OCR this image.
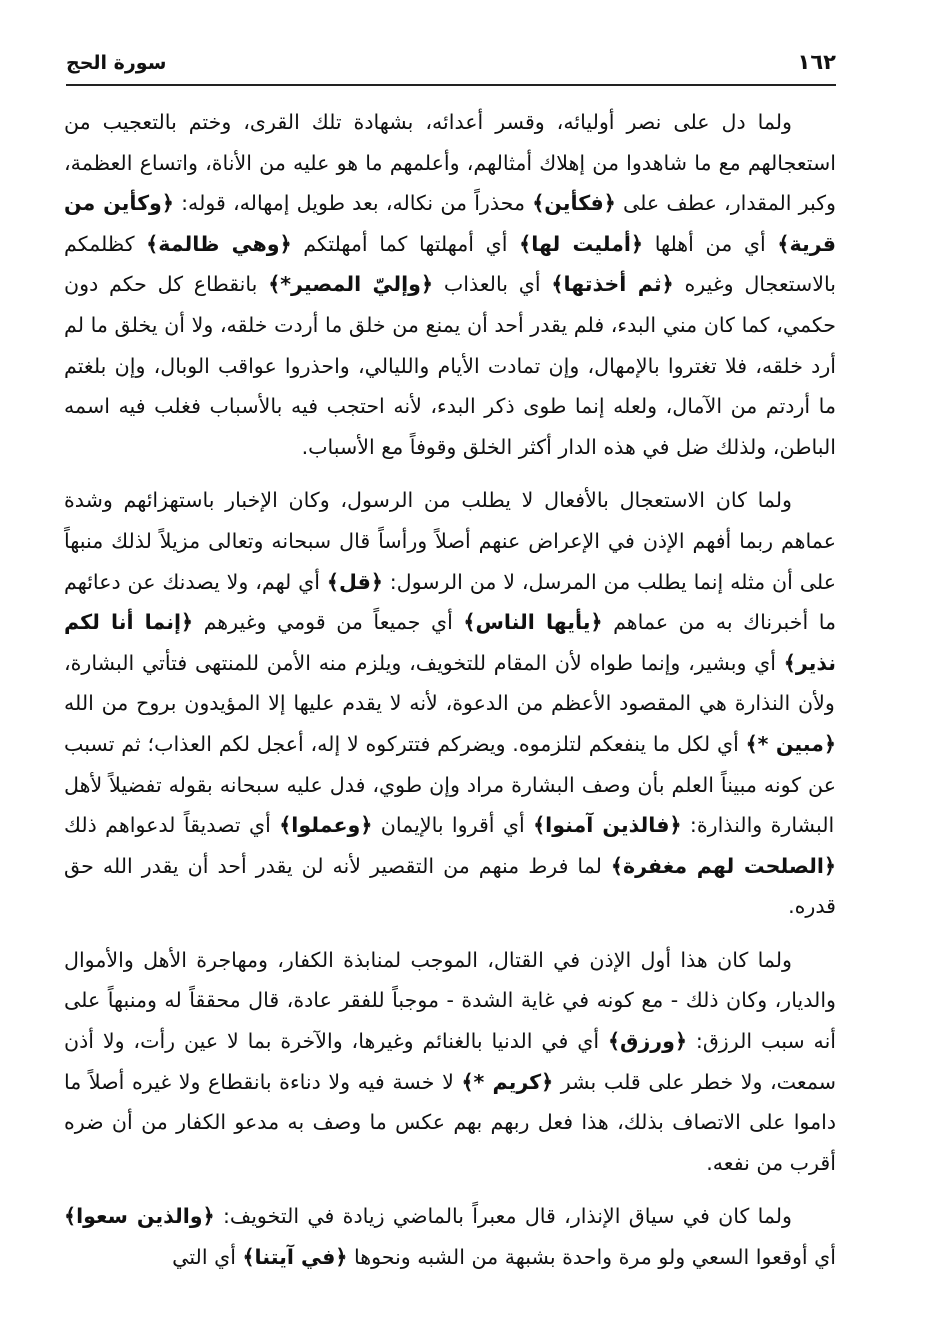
سورة الحج	١٦٢

ولما دل على نصر أوليائه، وقسر أعدائه، بشهادة تلك القرى، وختم بالتعجيب من استعجالهم مع ما شاهدوا من إهلاك أمثالهم، وأعلمهم ما هو عليه من الأناة، واتساع العظمة، وكبر المقدار، عطف على ﴿فكأين﴾ محذراً من نكاله، بعد طويل إمهاله، قوله: ﴿وكأين من قرية﴾ أي من أهلها ﴿أمليت لها﴾ أي أمهلتها كما أمهلتكم ﴿وهي ظالمة﴾ كظلمكم بالاستعجال وغيره ﴿ثم أخذتها﴾ أي بالعذاب ﴿وإليّ المصير*﴾ بانقطاع كل حكم دون حكمي، كما كان مني البدء، فلم يقدر أحد أن يمنع من خلق ما أردت خلقه، ولا أن يخلق ما لم أرد خلقه، فلا تغتروا بالإمهال، وإن تمادت الأيام والليالي، واحذروا عواقب الوبال، وإن بلغتم ما أردتم من الآمال، ولعله إنما طوى ذكر البدء، لأنه احتجب فيه بالأسباب فغلب فيه اسمه الباطن، ولذلك ضل في هذه الدار أكثر الخلق وقوفاً مع الأسباب.

ولما كان الاستعجال بالأفعال لا يطلب من الرسول، وكان الإخبار باستهزائهم وشدة عماهم ربما أفهم الإذن في الإعراض عنهم أصلاً ورأساً قال سبحانه وتعالى مزيلاً لذلك منبهاً على أن مثله إنما يطلب من المرسل، لا من الرسول: ﴿قل﴾ أي لهم، ولا يصدنك عن دعائهم ما أخبرناك به من عماهم ﴿يأيها الناس﴾ أي جميعاً من قومي وغيرهم ﴿إنما أنا لكم نذير﴾ أي وبشير، وإنما طواه لأن المقام للتخويف، ويلزم منه الأمن للمنتهى فتأتي البشارة، ولأن النذارة هي المقصود الأعظم من الدعوة، لأنه لا يقدم عليها إلا المؤيدون بروح من الله ﴿مبين *﴾ أي لكل ما ينفعكم لتلزموه. ويضركم فتتركوه لا إله، أعجل لكم العذاب؛ ثم تسبب عن كونه مبيناً العلم بأن وصف البشارة مراد وإن طوي، فدل عليه سبحانه بقوله تفضيلاً لأهل البشارة والنذارة: ﴿فالذين آمنوا﴾ أي أقروا بالإيمان ﴿وعملوا﴾ أي تصديقاً لدعواهم ذلك ﴿الصلحت لهم مغفرة﴾ لما فرط منهم من التقصير لأنه لن يقدر أحد أن يقدر الله حق قدره.

ولما كان هذا أول الإذن في القتال، الموجب لمنابذة الكفار، ومهاجرة الأهل والأموال والديار، وكان ذلك - مع كونه في غاية الشدة - موجباً للفقر عادة، قال محققاً له ومنبهاً على أنه سبب الرزق: ﴿ورزق﴾ أي في الدنيا بالغنائم وغيرها، والآخرة بما لا عين رأت، ولا أذن سمعت، ولا خطر على قلب بشر ﴿كريم *﴾ لا خسة فيه ولا دناءة بانقطاع ولا غيره أصلاً ما داموا على الاتصاف بذلك، هذا فعل ربهم بهم عكس ما وصف به مدعو الكفار من أن ضره أقرب من نفعه.

ولما كان في سياق الإنذار، قال معبراً بالماضي زيادة في التخويف: ﴿والذين سعوا﴾ أي أوقعوا السعي ولو مرة واحدة بشبهة من الشبه ونحوها ﴿في آيتنا﴾ أي التي
